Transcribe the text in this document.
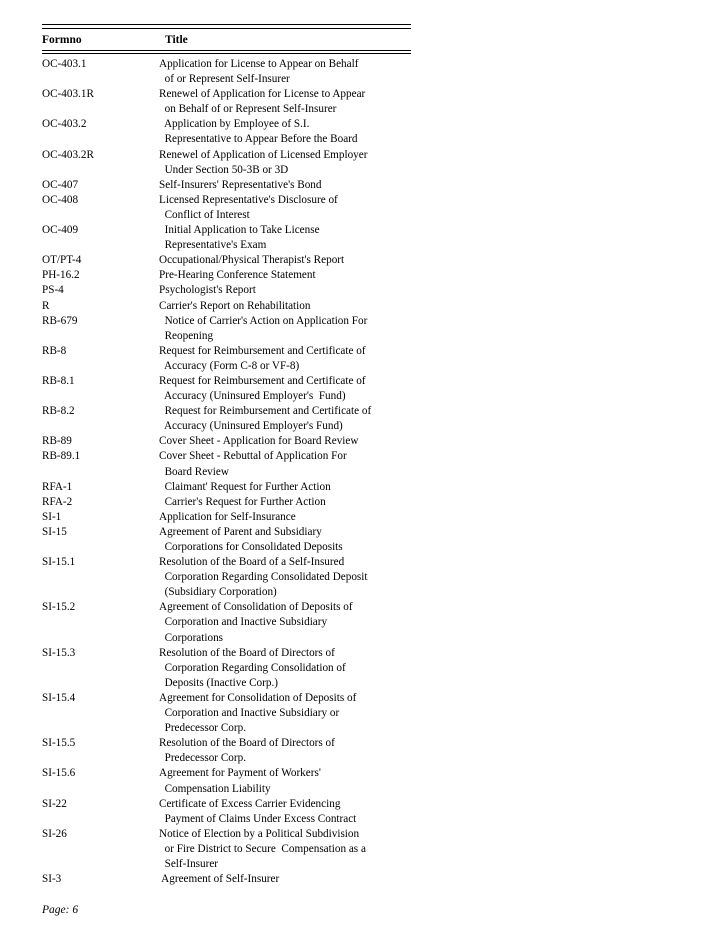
Formno	Title
OC-403.1	Application for License to Appear on Behalf
of or Represent Self-Insurer
OC-403.1R	Renewel of Application for License to Appear
on Behalf of or Represent Self-Insurer
OC-403.2	Application by Employee of S.I.
Representative to Appear Before the Board
OC-403.2R	Renewel of Application of Licensed Employer
Under Section 50-3B or 3D
OC-407	Self-Insurers' Representative's Bond
OC-408	Licensed Representative's Disclosure of
Conflict of Interest
OC-409	Initial Application to Take License
Representative's Exam
OT/PT-4	Occupational/Physical Therapist's Report
PH-16.2	Pre-Hearing Conference Statement
PS-4	Psychologist's Report
R	Carrier's Report on Rehabilitation
RB-679	Notice of Carrier's Action on Application For
Reopening
RB-8	Request for Reimbursement and Certificate of
Accuracy (Form C-8 or VF-8)
RB-8.1	Request for Reimbursement and Certificate of
Accuracy (Uninsured Employer's  Fund)
RB-8.2	Request for Reimbursement and Certificate of
Accuracy (Uninsured Employer's Fund)
RB-89	Cover Sheet - Application for Board Review
RB-89.1	Cover Sheet - Rebuttal of Application For
Board Review
RFA-1	Claimant' Request for Further Action
RFA-2	Carrier's Request for Further Action
SI-1	Application for Self-Insurance
SI-15	Agreement of Parent and Subsidiary
Corporations for Consolidated Deposits
SI-15.1	Resolution of the Board of a Self-Insured
Corporation Regarding Consolidated Deposit
(Subsidiary Corporation)
SI-15.2	Agreement of Consolidation of Deposits of
Corporation and Inactive Subsidiary
Corporations
SI-15.3	Resolution of the Board of Directors of
Corporation Regarding Consolidation of
Deposits (Inactive Corp.)
SI-15.4	Agreement for Consolidation of Deposits of
Corporation and Inactive Subsidiary or
Predecessor Corp.
SI-15.5	Resolution of the Board of Directors of
Predecessor Corp.
SI-15.6	Agreement for Payment of Workers'
Compensation Liability
SI-22	Certificate of Excess Carrier Evidencing
Payment of Claims Under Excess Contract
SI-26	Notice of Election by a Political Subdivision
or Fire District to Secure  Compensation as a
Self-Insurer
SI-3	Agreement of Self-Insurer
Page: 6
